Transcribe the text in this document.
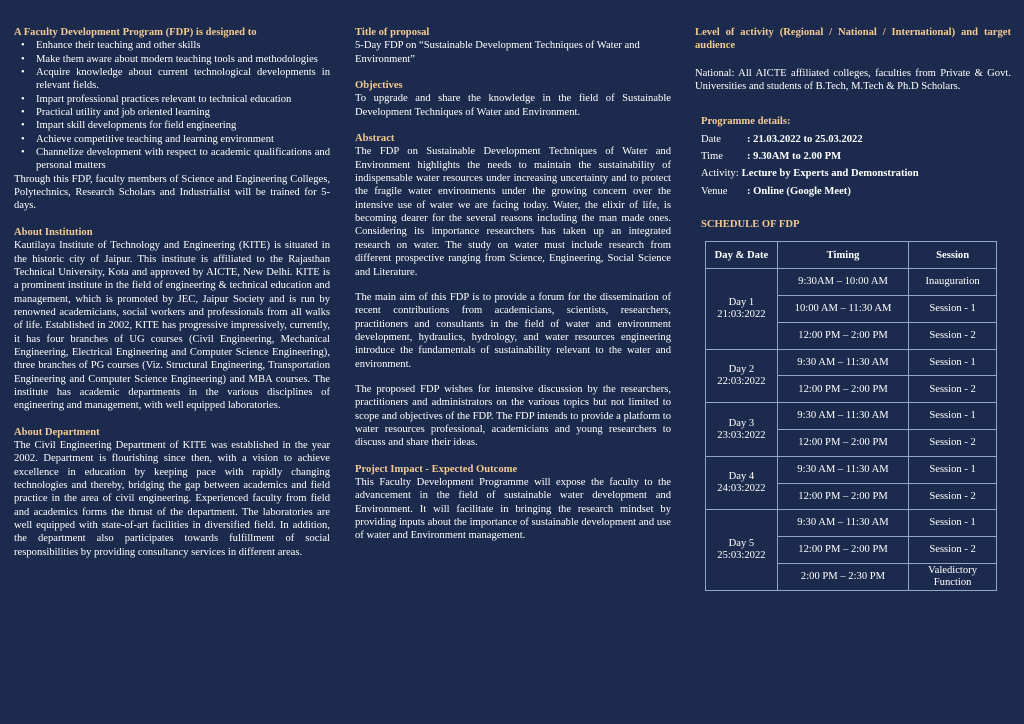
A Faculty Development Program (FDP) is designed to
• Enhance their teaching and other skills
• Make them aware about modern teaching tools and methodologies
• Acquire knowledge about current technological developments in relevant fields.
• Impart professional practices relevant to technical education
• Practical utility and job oriented learning
• Impart skill developments for field engineering
• Achieve competitive teaching and learning environment
• Channelize development with respect to academic qualifications and personal matters
Through this FDP, faculty members of Science and Engineering Colleges, Polytechnics, Research Scholars and Industrialist will be trained for 5-days.
About Institution
Kautilaya Institute of Technology and Engineering (KITE) is situated in the historic city of Jaipur. This institute is affiliated to the Rajasthan Technical University, Kota and approved by AICTE, New Delhi. KITE is a prominent institute in the field of engineering & technical education and management, which is promoted by JEC, Jaipur Society and is run by renowned academicians, social workers and professionals from all walks of life. Established in 2002, KITE has progressive impressively, currently, it has four branches of UG courses (Civil Engineering, Mechanical Engineering, Electrical Engineering and Computer Science Engineering), three branches of PG courses (Viz. Structural Engineering, Transportation Engineering and Computer Science Engineering) and MBA courses. The institute has academic departments in the various disciplines of engineering and management, with well equipped laboratories.
About Department
The Civil Engineering Department of KITE was established in the year 2002. Department is flourishing since then, with a vision to achieve excellence in education by keeping pace with rapidly changing technologies and thereby, bridging the gap between academics and field practice in the area of civil engineering. Experienced faculty from field and academics forms the thrust of the department. The laboratories are well equipped with state-of-art facilities in diversified field. In addition, the department also participates towards fulfillment of social responsibilities by providing consultancy services in different areas.
Title of proposal
5-Day FDP on “Sustainable Development Techniques of Water and Environment”
Objectives
To upgrade and share the knowledge in the field of Sustainable Development Techniques of Water and Environment.
Abstract
The FDP on Sustainable Development Techniques of Water and Environment highlights the needs to maintain the sustainability of indispensable water resources under increasing uncertainty and to protect the fragile water environments under the growing concern over the intensive use of water we are facing today. Water, the elixir of life, is becoming dearer for the several reasons including the man made ones. Considering its importance researchers has taken up an integrated research on water. The study on water must include research from different prospective ranging from Science, Engineering, Social Science and Literature.
The main aim of this FDP is to provide a forum for the dissemination of recent contributions from academicians, scientists, researchers, practitioners and consultants in the field of water and environment development, hydraulics, hydrology, and water resources engineering introduce the fundamentals of sustainability relevant to the water and environment.
The proposed FDP wishes for intensive discussion by the researchers, practitioners and administrators on the various topics but not limited to scope and objectives of the FDP. The FDP intends to provide a platform to water resources professional, academicians and young researchers to discuss and share their ideas.
Project Impact - Expected Outcome
This Faculty Development Programme will expose the faculty to the advancement in the field of sustainable water development and Environment. It will facilitate in bringing the research mindset by providing inputs about the importance of sustainable development and use of water and Environment management.
Level of activity (Regional / National / International) and target audience
National: All AICTE affiliated colleges, faculties from Private & Govt. Universities and students of B.Tech, M.Tech & Ph.D Scholars.
Programme details:
Date	: 21.03.2022 to 25.03.2022
Time	: 9.30AM to 2.00 PM
Activity: Lecture by Experts and Demonstration
Venue	: Online (Google Meet)
SCHEDULE OF FDP
Day & Date	Timing	Session

Day 1
21:03:2022	9:30AM – 10:00 AM	Inauguration
	10:00 AM – 11:30 AM	Session - 1
	12:00 PM – 2:00 PM	Session - 2

Day 2
22:03:2022	9:30 AM – 11:30 AM	Session - 1
	12:00 PM – 2:00 PM	Session - 2

Day 3
23:03:2022	9:30 AM – 11:30 AM	Session - 1
	12:00 PM – 2:00 PM	Session - 2

Day 4
24:03:2022	9:30 AM – 11:30 AM	Session - 1
	12:00 PM – 2:00 PM	Session - 2

Day 5
25:03:2022	9:30 AM – 11:30 AM	Session - 1
	12:00 PM – 2:00 PM	Session - 2
	2:00 PM – 2:30 PM	Valedictory Function
